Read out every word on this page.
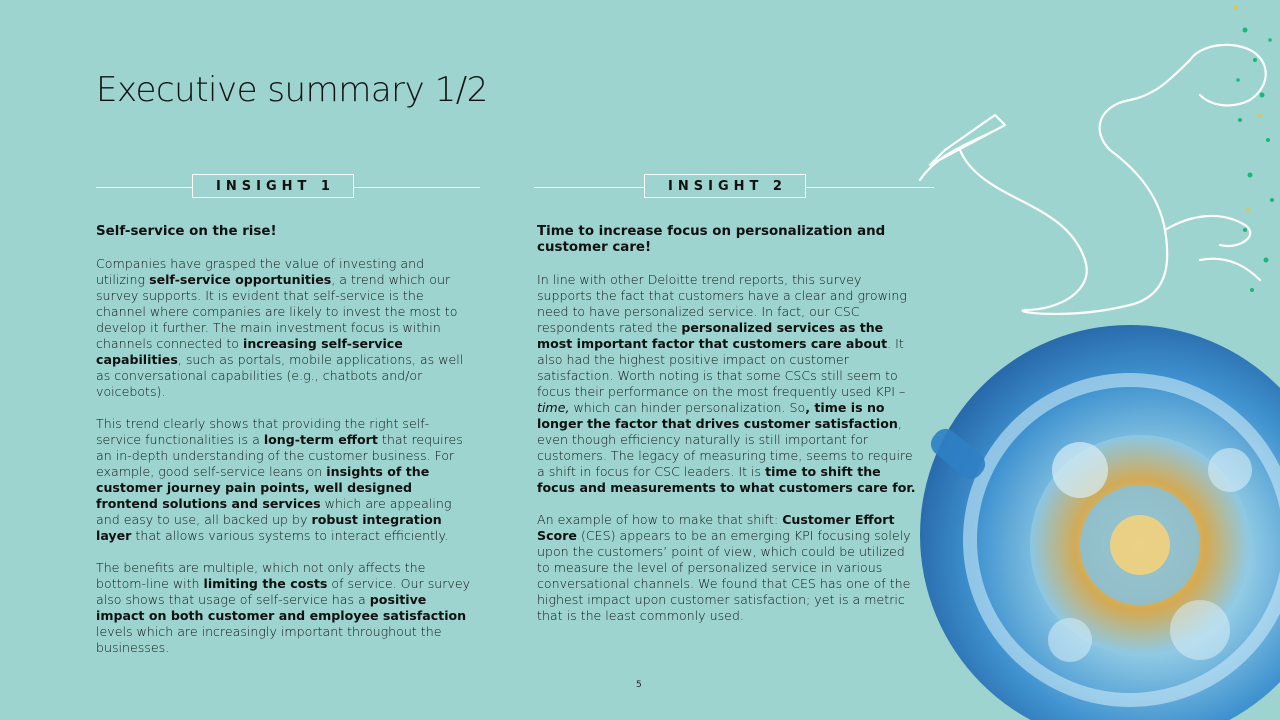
Executive summary 1/2
INSIGHT 1	INSIGHT 2
Self-service on the rise!

Companies have grasped the value of investing and utilizing self-service opportunities, a trend which our survey supports. It is evident that self-service is the channel where companies are likely to invest the most to develop it further. The main investment focus is within channels connected to increasing self-service capabilities, such as portals, mobile applications, as well as conversational capabilities (e.g., chatbots and/or voicebots).

This trend clearly shows that providing the right self-service functionalities is a long-term effort that requires an in-depth understanding of the customer business. For example, good self-service leans on insights of the customer journey pain points, well designed frontend solutions and services which are appealing and easy to use, all backed up by robust integration layer that allows various systems to interact efficiently.

The benefits are multiple, which not only affects the bottom-line with limiting the costs of service. Our survey also shows that usage of self-service has a positive impact on both customer and employee satisfaction levels which are increasingly important throughout the businesses.

Time to increase focus on personalization and customer care!

In line with other Deloitte trend reports, this survey supports the fact that customers have a clear and growing need to have personalized service. In fact, our CSC respondents rated the personalized services as the most important factor that customers care about. It also had the highest positive impact on customer satisfaction. Worth noting is that some CSCs still seem to focus their performance on the most frequently used KPI – time, which can hinder personalization. So, time is no longer the factor that drives customer satisfaction, even though efficiency naturally is still important for customers. The legacy of measuring time, seems to require a shift in focus for CSC leaders. It is time to shift the focus and measurements to what customers care for.

An example of how to make that shift: Customer Effort Score (CES) appears to be an emerging KPI focusing solely upon the customers’ point of view, which could be utilized to measure the level of personalized service in various conversational channels. We found that CES has one of the highest impact upon customer satisfaction; yet is a metric that is the least commonly used.

5
